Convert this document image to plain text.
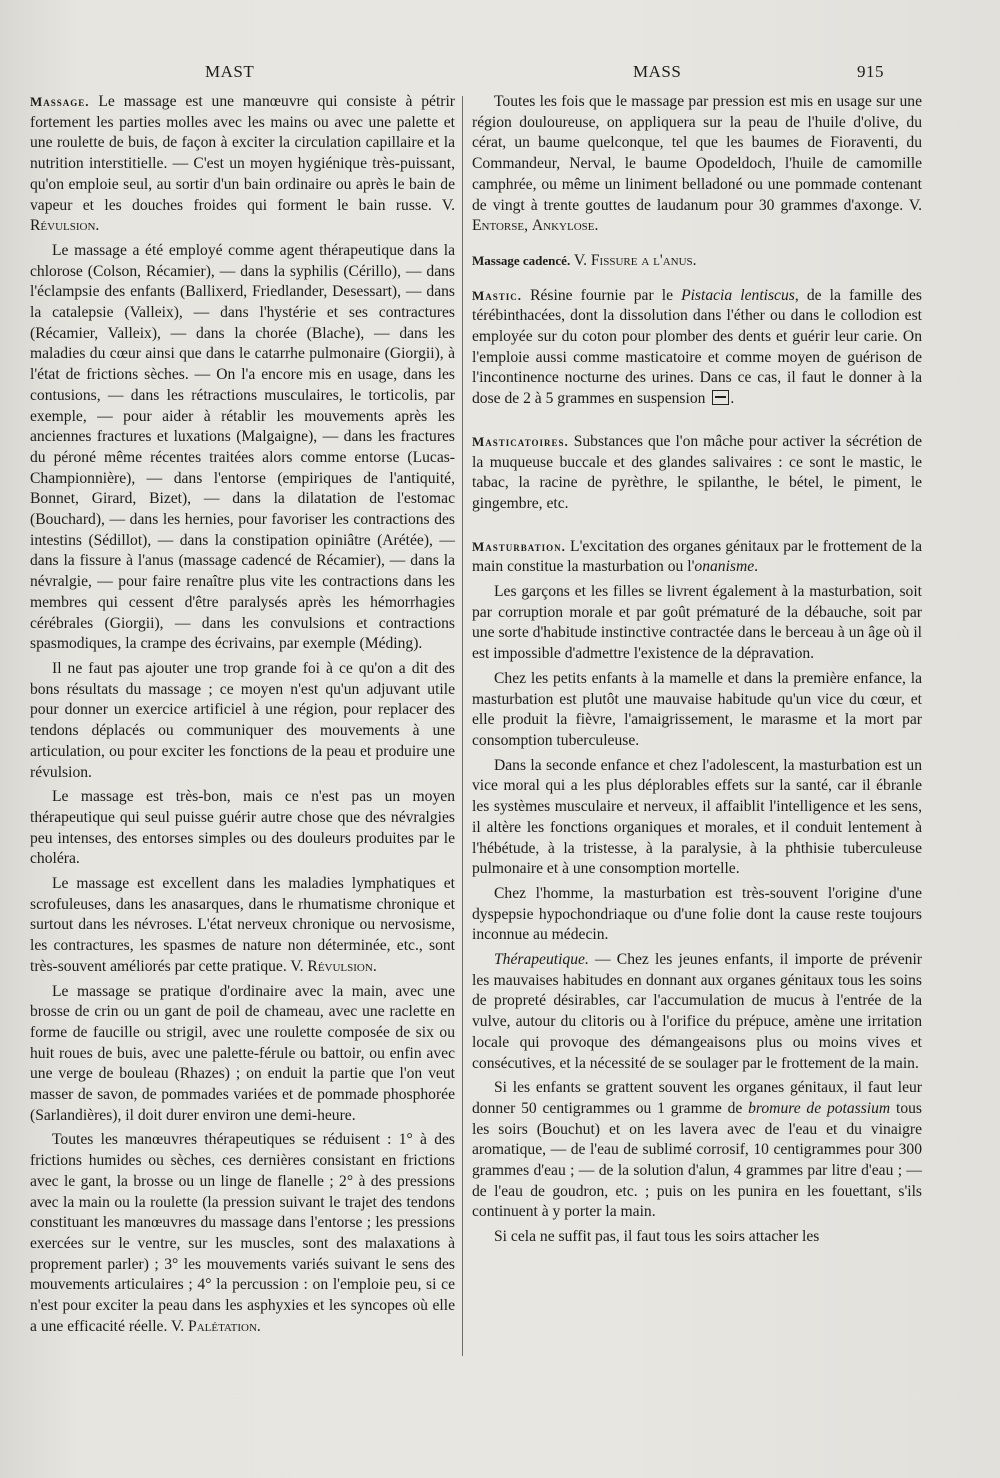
MAST	MASS	915

Massage. Le massage est une manœuvre qui consiste à pétrir fortement les parties molles avec les mains ou avec une palette et une roulette de buis, de façon à exciter la circulation capillaire et la nutrition interstitielle. — C'est un moyen hygiénique très-puissant, qu'on emploie seul, au sortir d'un bain ordinaire ou après le bain de vapeur et les douches froides qui forment le bain russe. V. Révulsion.

Le massage a été employé comme agent thérapeutique dans la chlorose (Colson, Récamier), — dans la syphilis (Cérillo), — dans l'éclampsie des enfants (Ballixerd, Friedlander, Desessart), — dans la catalepsie (Valleix), — dans l'hystérie et ses contractures (Récamier, Valleix), — dans la chorée (Blache), — dans les maladies du cœur ainsi que dans le catarrhe pulmonaire (Giorgii), à l'état de frictions sèches. — On l'a encore mis en usage, dans les contusions, — dans les rétractions musculaires, le torticolis, par exemple, — pour aider à rétablir les mouvements après les anciennes fractures et luxations (Malgaigne), — dans les fractures du péroné même récentes traitées alors comme entorse (Lucas-Championnière), — dans l'entorse (empiriques de l'antiquité, Bonnet, Girard, Bizet), — dans la dilatation de l'estomac (Bouchard), — dans les hernies, pour favoriser les contractions des intestins (Sédillot), — dans la constipation opiniâtre (Arétée), — dans la fissure à l'anus (massage cadencé de Récamier), — dans la névralgie, — pour faire renaître plus vite les contractions dans les membres qui cessent d'être paralysés après les hémorrhagies cérébrales (Giorgii), — dans les convulsions et contractions spasmodiques, la crampe des écrivains, par exemple (Méding).

Il ne faut pas ajouter une trop grande foi à ce qu'on a dit des bons résultats du massage ; ce moyen n'est qu'un adjuvant utile pour donner un exercice artificiel à une région, pour replacer des tendons déplacés ou communiquer des mouvements à une articulation, ou pour exciter les fonctions de la peau et produire une révulsion.

Le massage est très-bon, mais ce n'est pas un moyen thérapeutique qui seul puisse guérir autre chose que des névralgies peu intenses, des entorses simples ou des douleurs produites par le choléra.

Le massage est excellent dans les maladies lymphatiques et scrofuleuses, dans les anasarques, dans le rhumatisme chronique et surtout dans les névroses. L'état nerveux chronique ou nervosisme, les contractures, les spasmes de nature non déterminée, etc., sont très-souvent améliorés par cette pratique. V. Révulsion.

Le massage se pratique d'ordinaire avec la main, avec une brosse de crin ou un gant de poil de chameau, avec une raclette en forme de faucille ou strigil, avec une roulette composée de six ou huit roues de buis, avec une palette-férule ou battoir, ou enfin avec une verge de bouleau (Rhazes) ; on enduit la partie que l'on veut masser de savon, de pommades variées et de pommade phosphorée (Sarlandières), il doit durer environ une demi-heure.

Toutes les manœuvres thérapeutiques se réduisent : 1° à des frictions humides ou sèches, ces dernières consistant en frictions avec le gant, la brosse ou un linge de flanelle ; 2° à des pressions avec la main ou la roulette (la pression suivant le trajet des tendons constituant les manœuvres du massage dans l'entorse ; les pressions exercées sur le ventre, sur les muscles, sont des malaxations à proprement parler) ; 3° les mouvements variés suivant le sens des mouvements articulaires ; 4° la percussion : on l'emploie peu, si ce n'est pour exciter la peau dans les asphyxies et les syncopes où elle a une efficacité réelle. V. Palétation.

Toutes les fois que le massage par pression est mis en usage sur une région douloureuse, on appliquera sur la peau de l'huile d'olive, du cérat, un baume quelconque, tel que les baumes de Fioraventi, du Commandeur, Nerval, le baume Opodeldoch, l'huile de camomille camphrée, ou même un liniment belladoné ou une pommade contenant de vingt à trente gouttes de laudanum pour 30 grammes d'axonge. V. Entorse, Ankylose.

Massage cadencé. V. Fissure a l'anus.

Mastic. Résine fournie par le Pistacia lentiscus, de la famille des térébinthacées, dont la dissolution dans l'éther ou dans le collodion est employée sur du coton pour plomber des dents et guérir leur carie. On l'emploie aussi comme masticatoire et comme moyen de guérison de l'incontinence nocturne des urines. Dans ce cas, il faut le donner à la dose de 2 à 5 grammes en suspension .

Masticatoires. Substances que l'on mâche pour activer la sécrétion de la muqueuse buccale et des glandes salivaires : ce sont le mastic, le tabac, la racine de pyrèthre, le spilanthe, le bétel, le piment, le gingembre, etc.

Masturbation. L'excitation des organes génitaux par le frottement de la main constitue la masturbation ou l'onanisme.

Les garçons et les filles se livrent également à la masturbation, soit par corruption morale et par goût prématuré de la débauche, soit par une sorte d'habitude instinctive contractée dans le berceau à un âge où il est impossible d'admettre l'existence de la dépravation.

Chez les petits enfants à la mamelle et dans la première enfance, la masturbation est plutôt une mauvaise habitude qu'un vice du cœur, et elle produit la fièvre, l'amaigrissement, le marasme et la mort par consomption tuberculeuse.

Dans la seconde enfance et chez l'adolescent, la masturbation est un vice moral qui a les plus déplorables effets sur la santé, car il ébranle les systèmes musculaire et nerveux, il affaiblit l'intelligence et les sens, il altère les fonctions organiques et morales, et il conduit lentement à l'hébétude, à la tristesse, à la paralysie, à la phthisie tuberculeuse pulmonaire et à une consomption mortelle.

Chez l'homme, la masturbation est très-souvent l'origine d'une dyspepsie hypochondriaque ou d'une folie dont la cause reste toujours inconnue au médecin.

Thérapeutique. — Chez les jeunes enfants, il importe de prévenir les mauvaises habitudes en donnant aux organes génitaux tous les soins de propreté désirables, car l'accumulation de mucus à l'entrée de la vulve, autour du clitoris ou à l'orifice du prépuce, amène une irritation locale qui provoque des démangeaisons plus ou moins vives et consécutives, et la nécessité de se soulager par le frottement de la main.

Si les enfants se grattent souvent les organes génitaux, il faut leur donner 50 centigrammes ou 1 gramme de bromure de potassium tous les soirs (Bouchut) et on les lavera avec de l'eau et du vinaigre aromatique, — de l'eau de sublimé corrosif, 10 centigrammes pour 300 grammes d'eau ; — de la solution d'alun, 4 grammes par litre d'eau ; — de l'eau de goudron, etc. ; puis on les punira en les fouettant, s'ils continuent à y porter la main.

Si cela ne suffit pas, il faut tous les soirs attacher les
